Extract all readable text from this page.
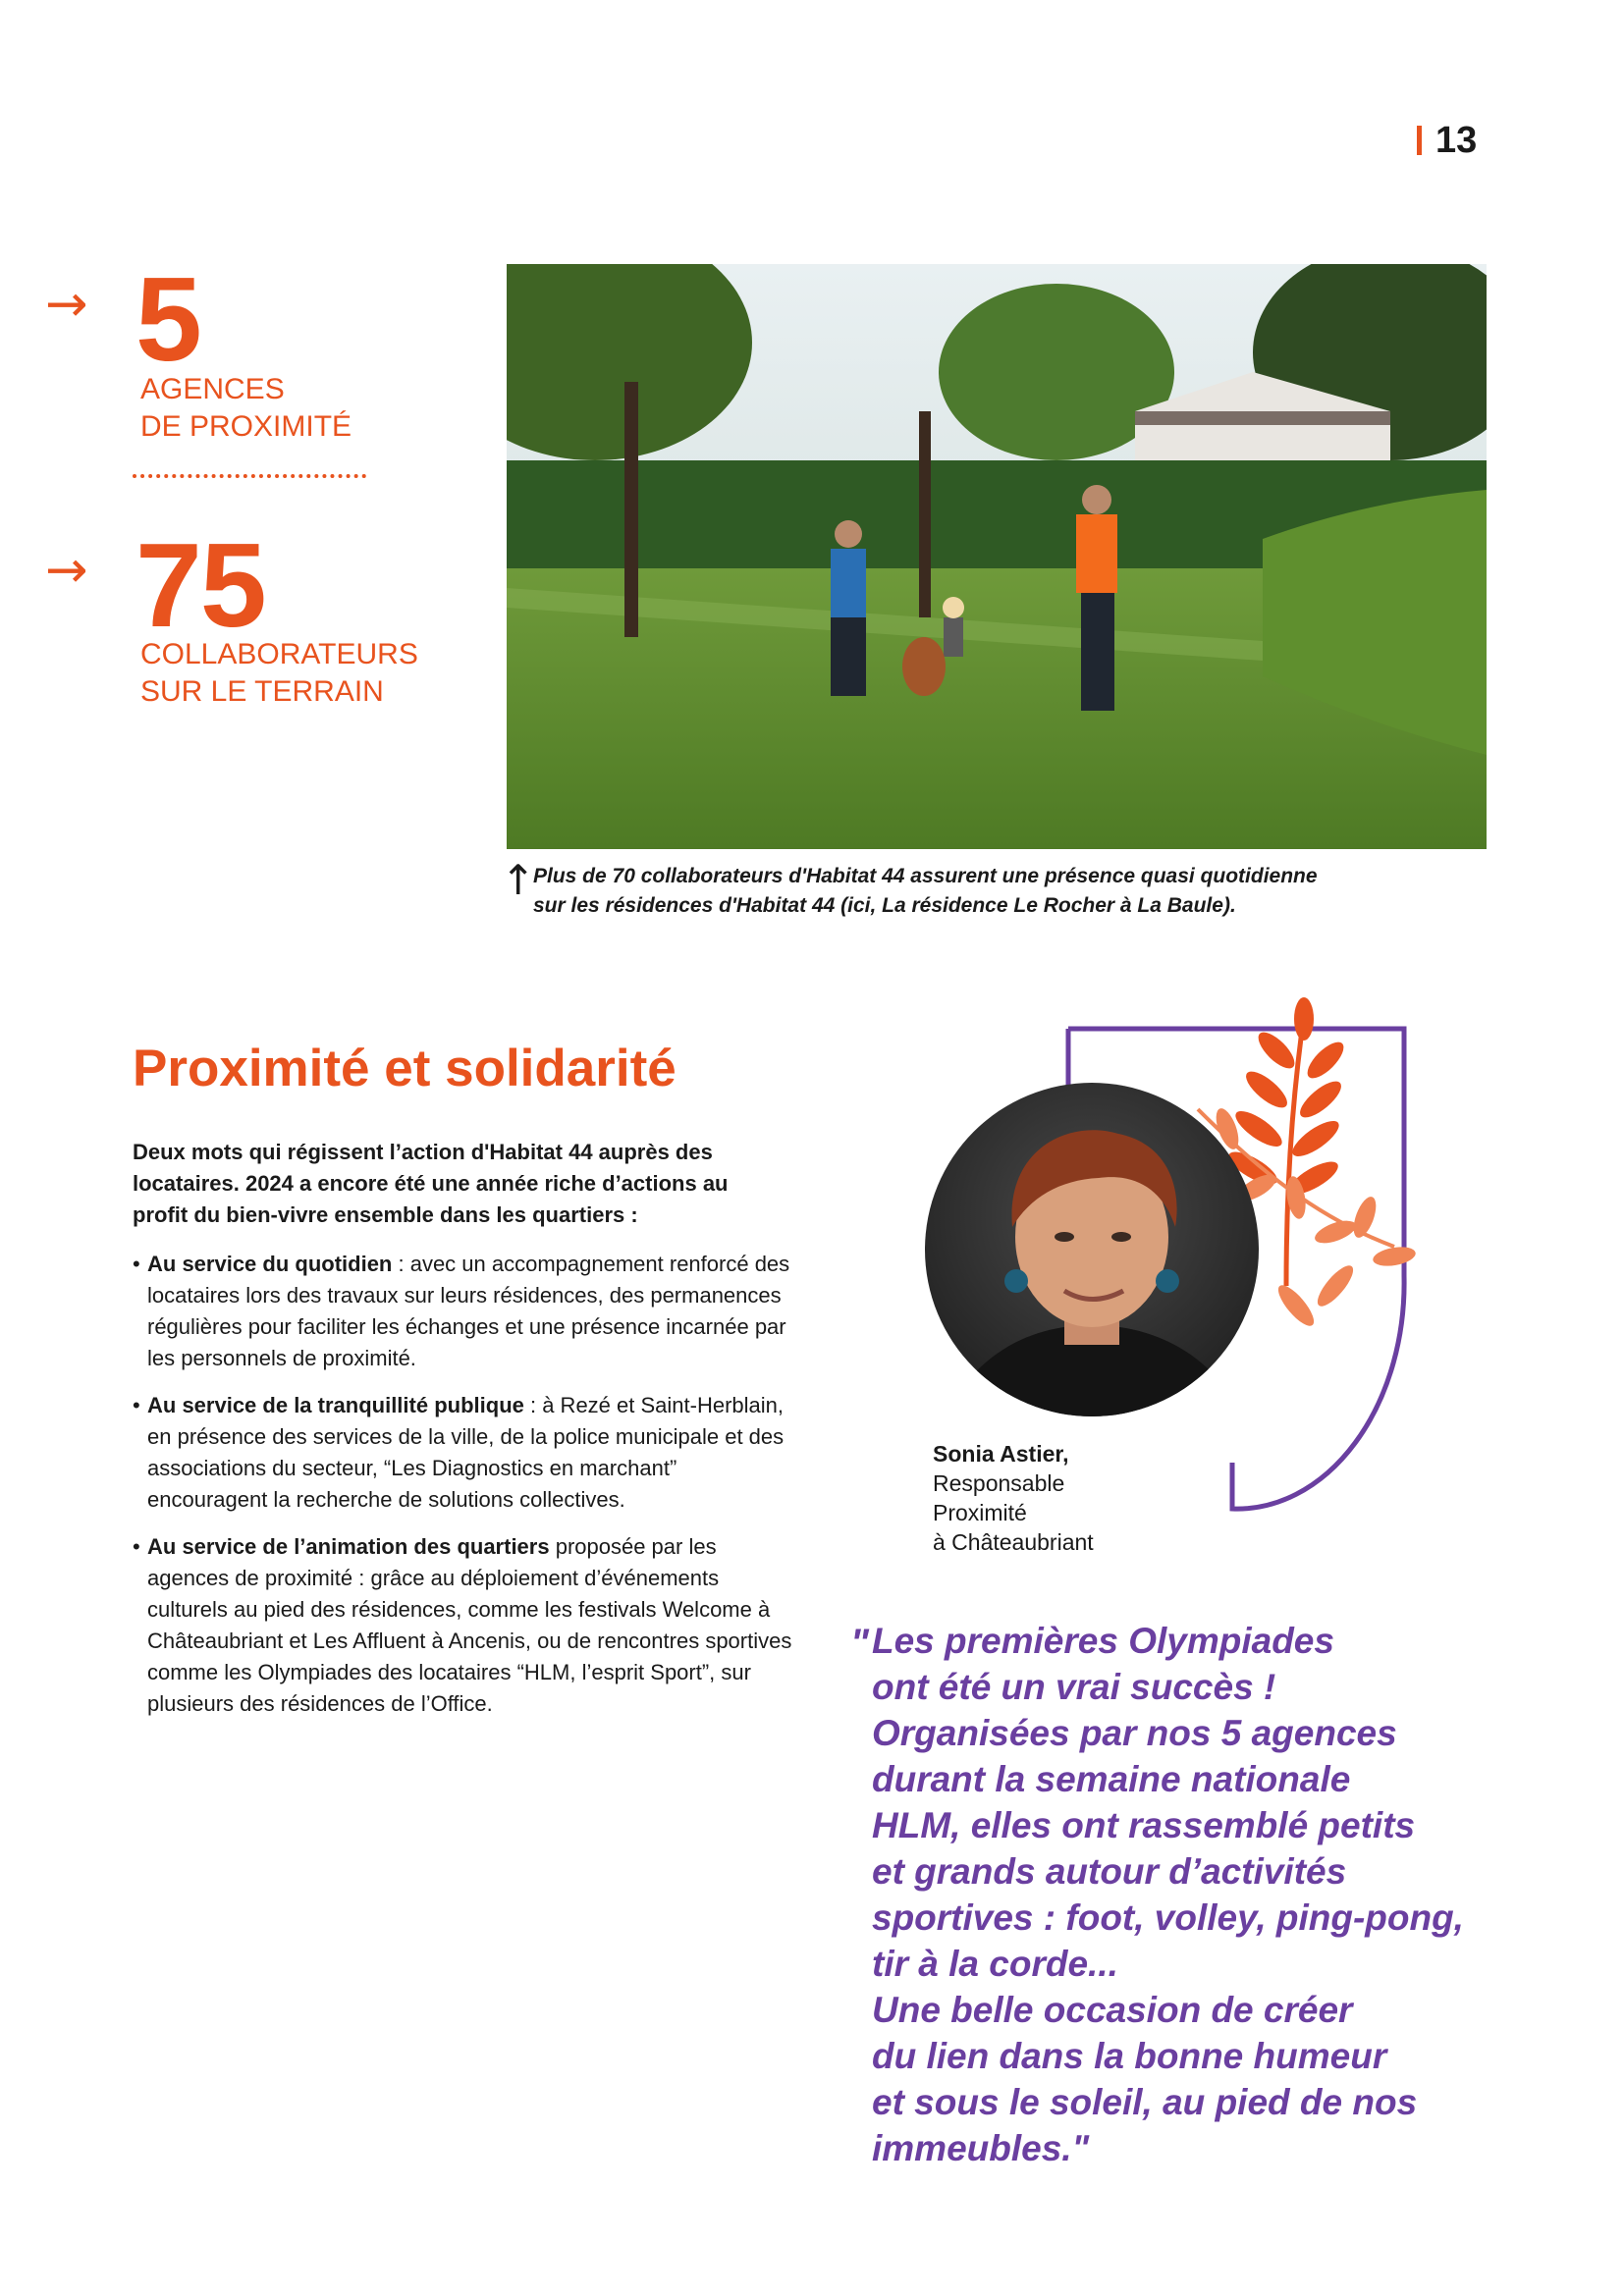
13
→ 5
AGENCES
DE PROXIMITÉ
→ 75
COLLABORATEURS
SUR LE TERRAIN
↑
Plus de 70 collaborateurs d'Habitat 44 assurent une présence quasi quotidienne
sur les résidences d'Habitat 44 (ici, La résidence Le Rocher à La Baule).
Proximité et solidarité
Deux mots qui régissent l’action d'Habitat 44 auprès des locataires. 2024 a encore été une année riche d’actions au profit du bien-vivre ensemble dans les quartiers :
• Au service du quotidien : avec un accompagnement renforcé des locataires lors des travaux sur leurs résidences, des permanences régulières pour faciliter les échanges et une présence incarnée par les personnels de proximité.
• Au service de la tranquillité publique : à Rezé et Saint-Herblain, en présence des services de la ville, de la police municipale et des associations du secteur, “Les Diagnostics en marchant” encouragent la recherche de solutions collectives.
• Au service de l’animation des quartiers proposée par les agences de proximité : grâce au déploiement d’événements culturels au pied des résidences, comme les festivals Welcome à Châteaubriant et Les Affluent à Ancenis, ou de rencontres sportives comme les Olympiades des locataires “HLM, l’esprit Sport”, sur plusieurs des résidences de l’Office.
Sonia Astier,
Responsable
Proximité
à Châteaubriant
" Les premières Olympiades
ont été un vrai succès !
Organisées par nos 5 agences
durant la semaine nationale
HLM, elles ont rassemblé petits
et grands autour d’activités
sportives : foot, volley, ping-pong,
tir à la corde...
Une belle occasion de créer
du lien dans la bonne humeur
et sous le soleil, au pied de nos
immeubles."
